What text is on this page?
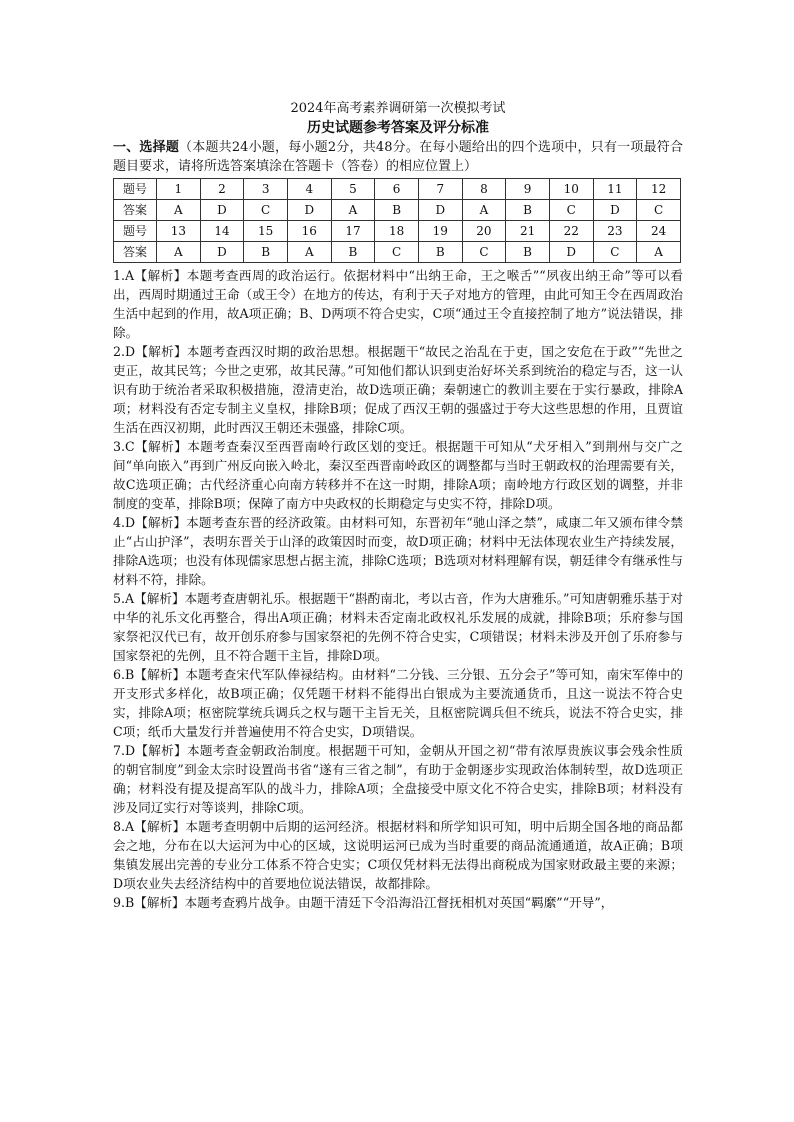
2024年高考素养调研第一次模拟考试
历史试题参考答案及评分标准
一、选择题（本题共24小题，每小题2分，共48分。在每小题给出的四个选项中，只有一项最符合题目要求，请将所选答案填涂在答题卡（答卷）的相应位置上）
题号	1	2	3	4	5	6	7	8	9	10	11	12
答案	A	D	C	D	A	B	D	A	B	C	D	C
题号	13	14	15	16	17	18	19	20	21	22	23	24
答案	A	D	B	A	B	C	B	C	B	D	C	A

1.A【解析】本题考查西周的政治运行。依据材料中“出纳王命，王之喉舌”“夙夜出纳王命”等可以看出，西周时期通过王命（或王令）在地方的传达，有利于天子对地方的管理，由此可知王令在西周政治生活中起到的作用，故A项正确；B、D两项不符合史实，C项“通过王令直接控制了地方”说法错误，排除。

2.D【解析】本题考查西汉时期的政治思想。根据题干“故民之治乱在于吏，国之安危在于政”“先世之吏正，故其民笃；今世之吏邪，故其民薄。”可知他们都认识到吏治好坏关系到统治的稳定与否，这一认识有助于统治者采取积极措施，澄清吏治，故D选项正确；秦朝速亡的教训主要在于实行暴政，排除A项；材料没有否定专制主义皇权，排除B项；促成了西汉王朝的强盛过于夸大这些思想的作用，且贾谊生活在西汉初期，此时西汉王朝还未强盛，排除C项。

3.C【解析】本题考查秦汉至西晋南岭行政区划的变迁。根据题干可知从“犬牙相入”到荆州与交广之间“单向嵌入”再到广州反向嵌入岭北，秦汉至西晋南岭政区的调整都与当时王朝政权的治理需要有关，故C选项正确；古代经济重心向南方转移并不在这一时期，排除A项；南岭地方行政区划的调整，并非制度的变革，排除B项；保障了南方中央政权的长期稳定与史实不符，排除D项。

4.D【解析】本题考查东晋的经济政策。由材料可知，东晋初年“驰山泽之禁”，咸康二年又颁布律令禁止“占山护泽”，表明东晋关于山泽的政策因时而变，故D项正确；材料中无法体现农业生产持续发展，排除A选项；也没有体现儒家思想占据主流，排除C选项；B选项对材料理解有误，朝廷律令有继承性与材料不符，排除。

5.A【解析】本题考查唐朝礼乐。根据题干“斟酌南北，考以古音，作为大唐雅乐。”可知唐朝雅乐基于对中华的礼乐文化再整合，得出A项正确；材料未否定南北政权礼乐发展的成就，排除B项；乐府参与国家祭祀汉代已有，故开创乐府参与国家祭祀的先例不符合史实，C项错误；材料未涉及开创了乐府参与国家祭祀的先例，且不符合题干主旨，排除D项。

6.B【解析】本题考查宋代军队俸禄结构。由材料“二分钱、三分银、五分会子”等可知，南宋军俸中的开支形式多样化，故B项正确；仅凭题干材料不能得出白银成为主要流通货币，且这一说法不符合史实，排除A项；枢密院掌统兵调兵之权与题干主旨无关，且枢密院调兵但不统兵，说法不符合史实，排C项；纸币大量发行并普遍使用不符合史实，D项错误。

7.D【解析】本题考查金朝政治制度。根据题干可知，金朝从开国之初“带有浓厚贵族议事会残余性质的朝官制度”到金太宗时设置尚书省“遂有三省之制”，有助于金朝逐步实现政治体制转型，故D选项正确；材料没有提及提高军队的战斗力，排除A项；全盘接受中原文化不符合史实，排除B项；材料没有涉及同辽实行对等谈判，排除C项。

8.A【解析】本题考查明朝中后期的运河经济。根据材料和所学知识可知，明中后期全国各地的商品都会之地，分布在以大运河为中心的区域，这说明运河已成为当时重要的商品流通通道，故A正确；B项集镇发展出完善的专业分工体系不符合史实；C项仅凭材料无法得出商税成为国家财政最主要的来源；D项农业失去经济结构中的首要地位说法错误，故都排除。

9.B【解析】本题考查鸦片战争。由题干清廷下令沿海沿江督抚相机对英国“羁縻”“开导”，
